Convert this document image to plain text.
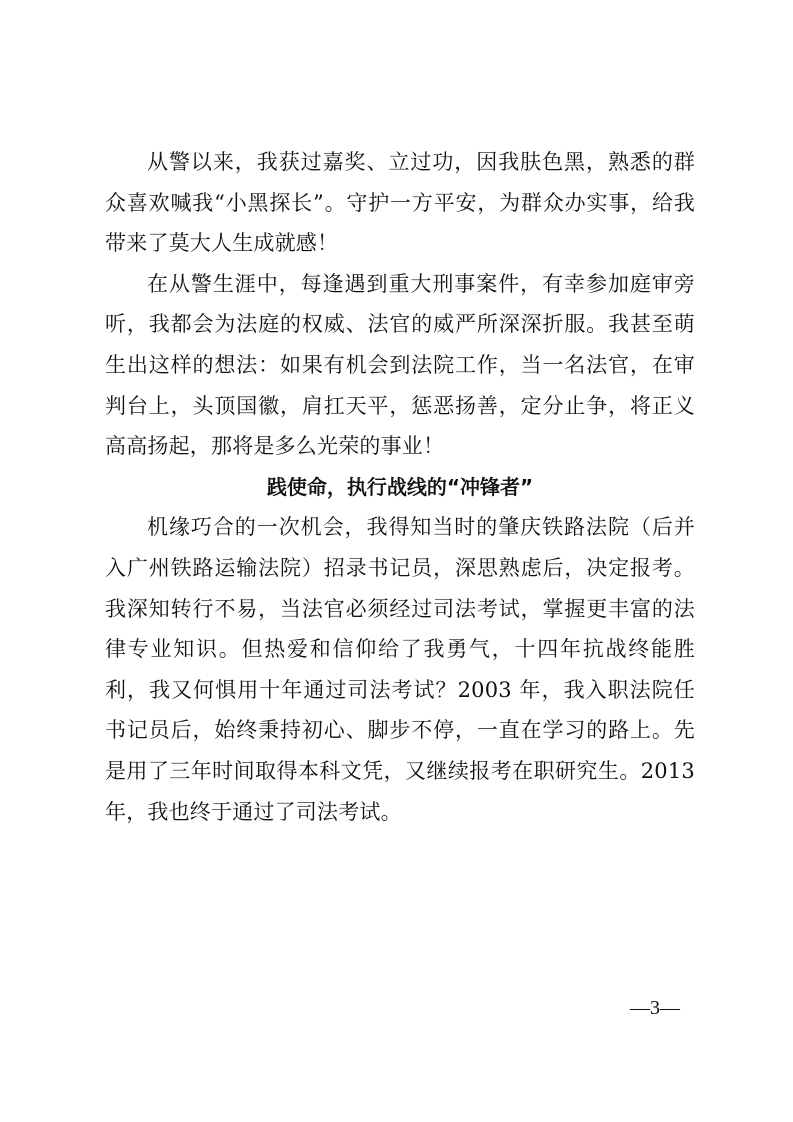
从警以来，我获过嘉奖、立过功，因我肤色黑，熟悉的群众喜欢喊我“小黑探长”。守护一方平安，为群众办实事，给我带来了莫大人生成就感！

在从警生涯中，每逢遇到重大刑事案件，有幸参加庭审旁听，我都会为法庭的权威、法官的威严所深深折服。我甚至萌生出这样的想法：如果有机会到法院工作，当一名法官，在审判台上，头顶国徽，肩扛天平，惩恶扬善，定分止争，将正义高高扬起，那将是多么光荣的事业！

践使命，执行战线的“冲锋者”

机缘巧合的一次机会，我得知当时的肇庆铁路法院（后并入广州铁路运输法院）招录书记员，深思熟虑后，决定报考。我深知转行不易，当法官必须经过司法考试，掌握更丰富的法律专业知识。但热爱和信仰给了我勇气，十四年抗战终能胜利，我又何惧用十年通过司法考试？2003 年，我入职法院任书记员后，始终秉持初心、脚步不停，一直在学习的路上。先是用了三年时间取得本科文凭，又继续报考在职研究生。2013 年，我也终于通过了司法考试。

—3—
